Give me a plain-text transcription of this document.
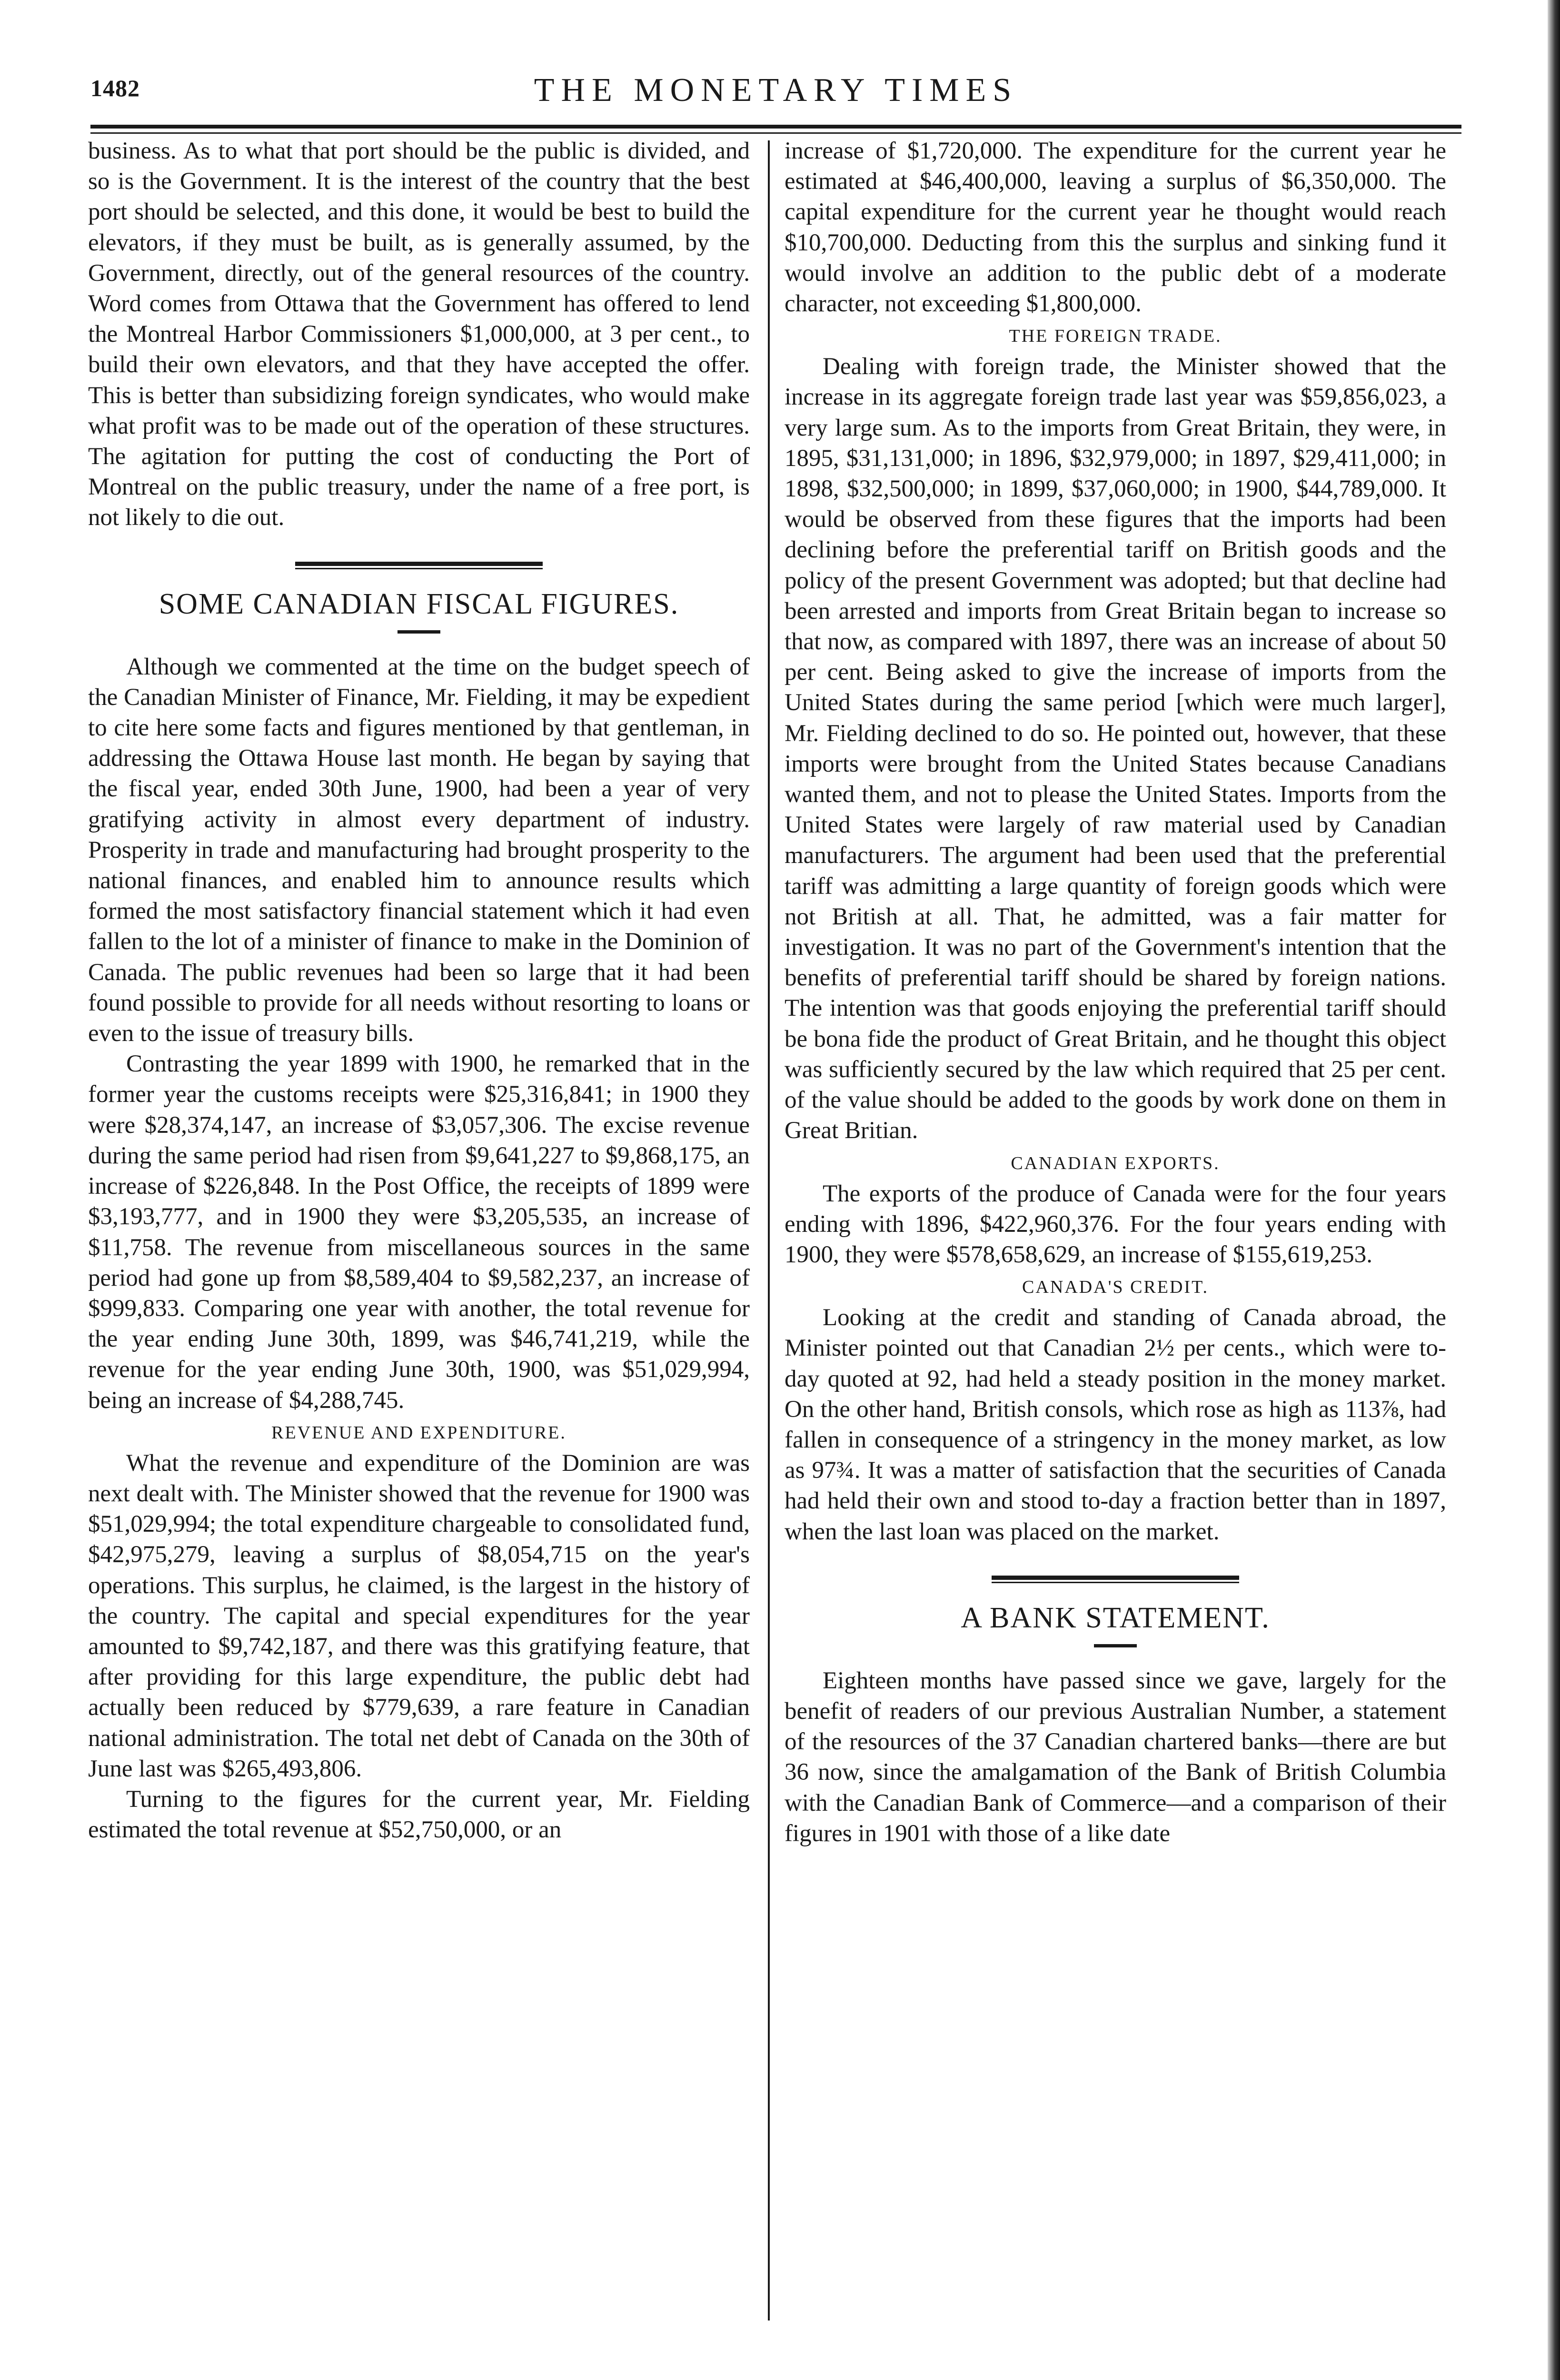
1482	THE MONETARY TIMES

business. As to what that port should be the public is divided, and so is the Government. It is the interest of the country that the best port should be selected, and this done, it would be best to build the elevators, if they must be built, as is generally assumed, by the Government, directly, out of the general resources of the country. Word comes from Ottawa that the Government has offered to lend the Montreal Harbor Commissioners $1,000,000, at 3 per cent., to build their own elevators, and that they have accepted the offer. This is better than subsidizing foreign syndicates, who would make what profit was to be made out of the operation of these structures. The agitation for putting the cost of conducting the Port of Montreal on the public treasury, under the name of a free port, is not likely to die out.

SOME CANADIAN FISCAL FIGURES.

Although we commented at the time on the budget speech of the Canadian Minister of Finance, Mr. Fielding, it may be expedient to cite here some facts and figures mentioned by that gentleman, in addressing the Ottawa House last month. He began by saying that the fiscal year, ended 30th June, 1900, had been a year of very gratifying activity in almost every department of industry. Prosperity in trade and manufacturing had brought prosperity to the national finances, and enabled him to announce results which formed the most satisfactory financial statement which it had even fallen to the lot of a minister of finance to make in the Dominion of Canada. The public revenues had been so large that it had been found possible to provide for all needs without resorting to loans or even to the issue of treasury bills.

Contrasting the year 1899 with 1900, he remarked that in the former year the customs receipts were $25,316,841; in 1900 they were $28,374,147, an increase of $3,057,306. The excise revenue during the same period had risen from $9,641,227 to $9,868,175, an increase of $226,848. In the Post Office, the receipts of 1899 were $3,193,777, and in 1900 they were $3,205,535, an increase of $11,758. The revenue from miscellaneous sources in the same period had gone up from $8,589,404 to $9,582,237, an increase of $999,833. Comparing one year with another, the total revenue for the year ending June 30th, 1899, was $46,741,219, while the revenue for the year ending June 30th, 1900, was $51,029,994, being an increase of $4,288,745.

REVENUE AND EXPENDITURE.

What the revenue and expenditure of the Dominion are was next dealt with. The Minister showed that the revenue for 1900 was $51,029,994; the total expenditure chargeable to consolidated fund, $42,975,279, leaving a surplus of $8,054,715 on the year's operations. This surplus, he claimed, is the largest in the history of the country. The capital and special expenditures for the year amounted to $9,742,187, and there was this gratifying feature, that after providing for this large expenditure, the public debt had actually been reduced by $779,639, a rare feature in Canadian national administration. The total net debt of Canada on the 30th of June last was $265,493,806.

Turning to the figures for the current year, Mr. Fielding estimated the total revenue at $52,750,000, or an

increase of $1,720,000. The expenditure for the current year he estimated at $46,400,000, leaving a surplus of $6,350,000. The capital expenditure for the current year he thought would reach $10,700,000. Deducting from this the surplus and sinking fund it would involve an addition to the public debt of a moderate character, not exceeding $1,800,000.

THE FOREIGN TRADE.

Dealing with foreign trade, the Minister showed that the increase in its aggregate foreign trade last year was $59,856,023, a very large sum. As to the imports from Great Britain, they were, in 1895, $31,131,000; in 1896, $32,979,000; in 1897, $29,411,000; in 1898, $32,500,000; in 1899, $37,060,000; in 1900, $44,789,000. It would be observed from these figures that the imports had been declining before the preferential tariff on British goods and the policy of the present Government was adopted; but that decline had been arrested and imports from Great Britain began to increase so that now, as compared with 1897, there was an increase of about 50 per cent. Being asked to give the increase of imports from the United States during the same period [which were much larger], Mr. Fielding declined to do so. He pointed out, however, that these imports were brought from the United States because Canadians wanted them, and not to please the United States. Imports from the United States were largely of raw material used by Canadian manufacturers. The argument had been used that the preferential tariff was admitting a large quantity of foreign goods which were not British at all. That, he admitted, was a fair matter for investigation. It was no part of the Government's intention that the benefits of preferential tariff should be shared by foreign nations. The intention was that goods enjoying the preferential tariff should be bona fide the product of Great Britain, and he thought this object was sufficiently secured by the law which required that 25 per cent. of the value should be added to the goods by work done on them in Great Britian.

CANADIAN EXPORTS.

The exports of the produce of Canada were for the four years ending with 1896, $422,960,376. For the four years ending with 1900, they were $578,658,629, an increase of $155,619,253.

CANADA'S CREDIT.

Looking at the credit and standing of Canada abroad, the Minister pointed out that Canadian 2½ per cents., which were to-day quoted at 92, had held a steady position in the money market. On the other hand, British consols, which rose as high as 113⅞, had fallen in consequence of a stringency in the money market, as low as 97¾. It was a matter of satisfaction that the securities of Canada had held their own and stood to-day a fraction better than in 1897, when the last loan was placed on the market.

A BANK STATEMENT.

Eighteen months have passed since we gave, largely for the benefit of readers of our previous Australian Number, a statement of the resources of the 37 Canadian chartered banks—there are but 36 now, since the amalgamation of the Bank of British Columbia with the Canadian Bank of Commerce—and a comparison of their figures in 1901 with those of a like date
